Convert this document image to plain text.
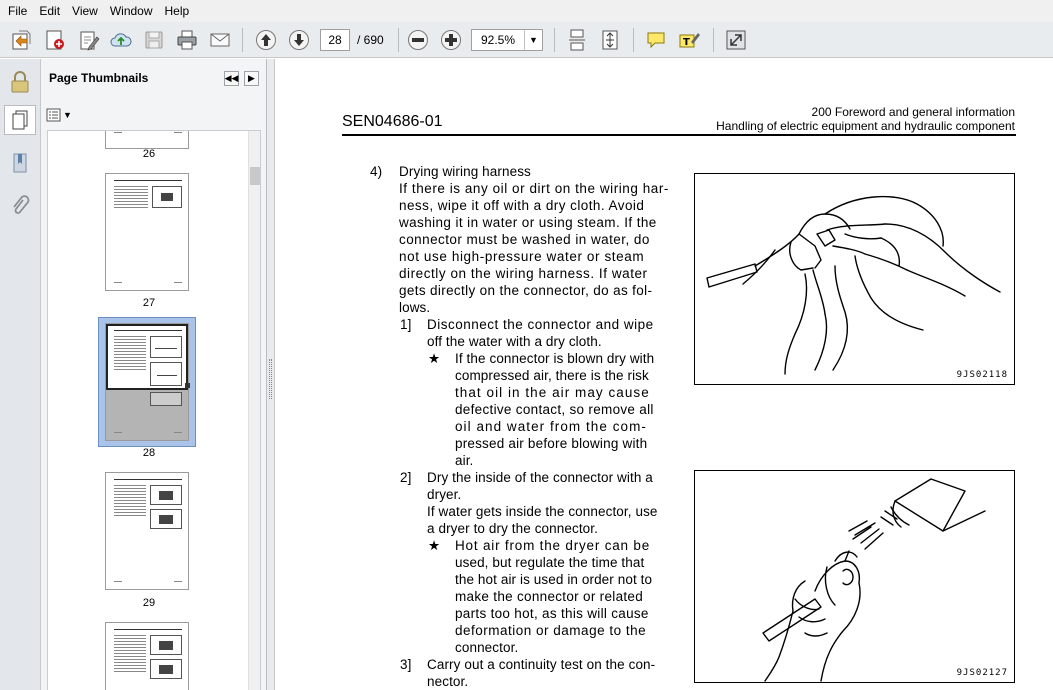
File	Edit	View	Window	Help
28
/ 690	92.5%	▼	T
Page Thumbnails	◀◀	▶
▼
26
27
28
29
SEN04686-01
200 Foreword and general information
Handling of electric equipment and hydraulic component
4) Drying wiring harness
If there is any oil or dirt on the wiring har-
ness, wipe it off with a dry cloth. Avoid
washing it in water or using steam. If the
connector must be washed in water, do
not use high-pressure water or steam
directly on the wiring harness. If water
gets directly on the connector, do as fol-
lows.
1] Disconnect the connector and wipe
off the water with a dry cloth.
★ If the connector is blown dry with
compressed air, there is the risk
that oil in the air may cause
defective contact, so remove all
oil and water from the com-
pressed air before blowing with
air.
2] Dry the inside of the connector with a
dryer.
If water gets inside the connector, use
a dryer to dry the connector.
★ Hot air from the dryer can be
used, but regulate the time that
the hot air is used in order not to
make the connector or related
parts too hot, as this will cause
deformation or damage to the
connector.
3] Carry out a continuity test on the con-
nector.
9JS02118
9JS02127
